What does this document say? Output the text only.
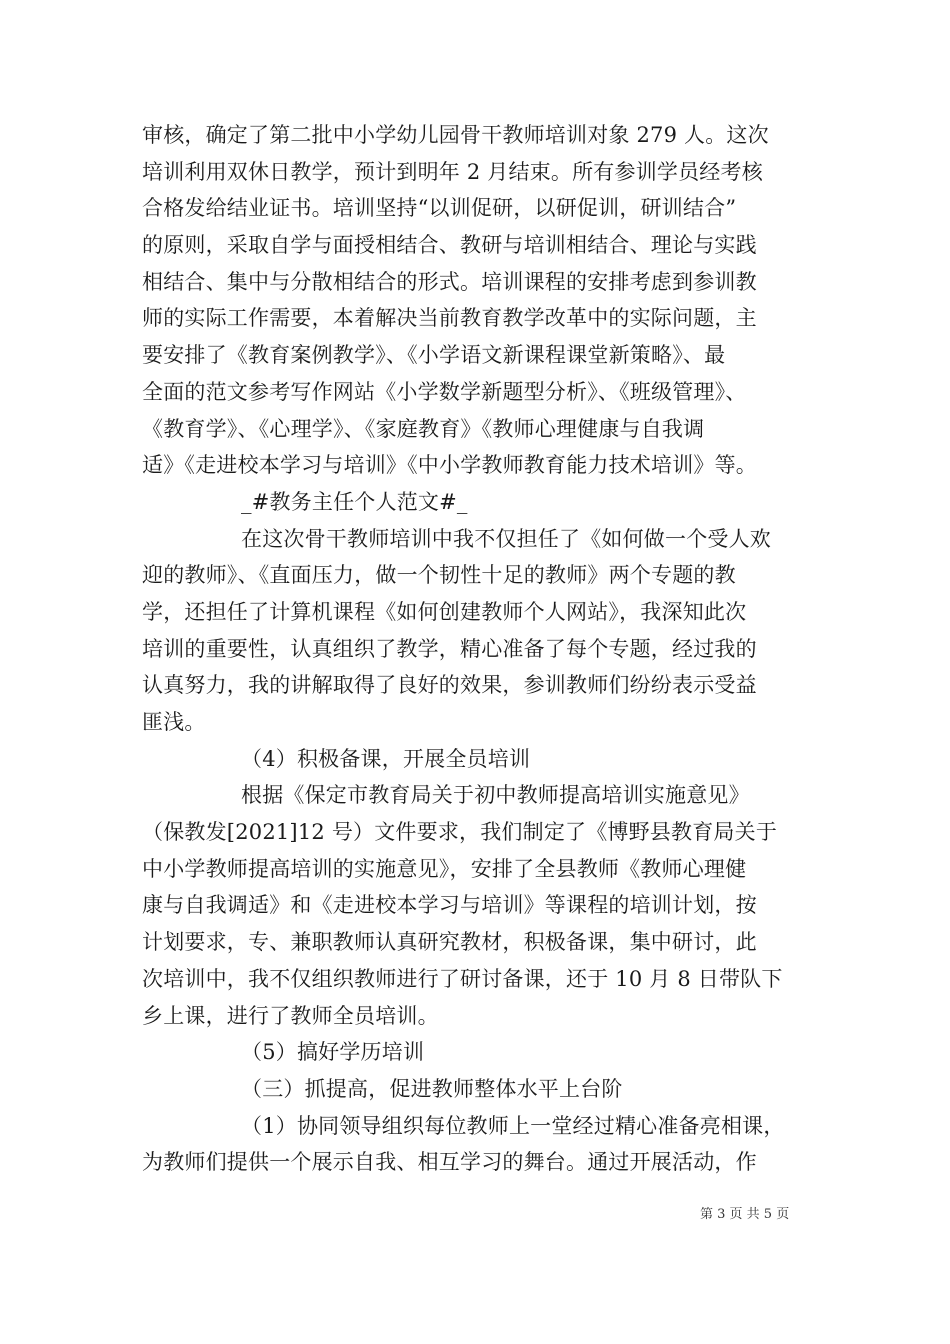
审核，确定了第二批中小学幼儿园骨干教师培训对象 279 人。这次
培训利用双休日教学，预计到明年 2 月结束。所有参训学员经考核
合格发给结业证书。培训坚持“以训促研，以研促训，研训结合”
的原则，采取自学与面授相结合、教研与培训相结合、理论与实践
相结合、集中与分散相结合的形式。培训课程的安排考虑到参训教
师的实际工作需要，本着解决当前教育教学改革中的实际问题，主
要安排了《教育案例教学》、《小学语文新课程课堂新策略》、最
全面的范文参考写作网站《小学数学新题型分析》、《班级管理》、
《教育学》、《心理学》、《家庭教育》《教师心理健康与自我调
适》《走进校本学习与培训》《中小学教师教育能力技术培训》等。
_#教务主任个人范文#_
在这次骨干教师培训中我不仅担任了《如何做一个受人欢
迎的教师》、《直面压力，做一个韧性十足的教师》两个专题的教
学，还担任了计算机课程《如何创建教师个人网站》，我深知此次
培训的重要性，认真组织了教学，精心准备了每个专题，经过我的
认真努力，我的讲解取得了良好的效果，参训教师们纷纷表示受益
匪浅。
（4）积极备课，开展全员培训
根据《保定市教育局关于初中教师提高培训实施意见》
（保教发[2021]12 号）文件要求，我们制定了《博野县教育局关于
中小学教师提高培训的实施意见》，安排了全县教师《教师心理健
康与自我调适》和《走进校本学习与培训》等课程的培训计划，按
计划要求，专、兼职教师认真研究教材，积极备课，集中研讨，此
次培训中，我不仅组织教师进行了研讨备课，还于 10 月 8 日带队下
乡上课，进行了教师全员培训。
（5）搞好学历培训
（三）抓提高，促进教师整体水平上台阶
（1）协同领导组织每位教师上一堂经过精心准备亮相课，
为教师们提供一个展示自我、相互学习的舞台。通过开展活动，作
第 3 页 共 5 页
